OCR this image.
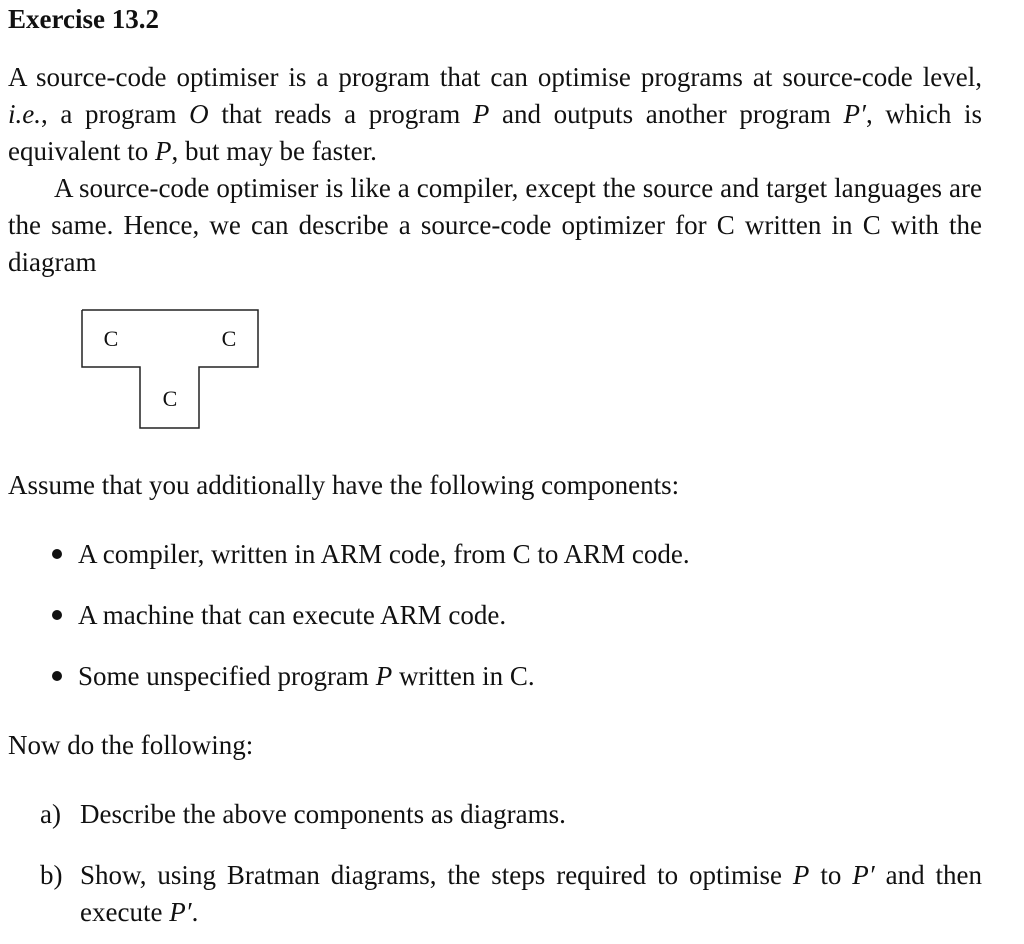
Exercise 13.2

A source-code optimiser is a program that can optimise programs at source-code level, i.e., a program O that reads a program P and outputs another program P′, which is equivalent to P, but may be faster.

A source-code optimiser is like a compiler, except the source and target languages are the same. Hence, we can describe a source-code optimizer for C written in C with the diagram

C	C
C

Assume that you additionally have the following components:

A compiler, written in ARM code, from C to ARM code.
A machine that can execute ARM code.
Some unspecified program P written in C.

Now do the following:

a) Describe the above components as diagrams.
b) Show, using Bratman diagrams, the steps required to optimise P to P′ and then execute P′.
